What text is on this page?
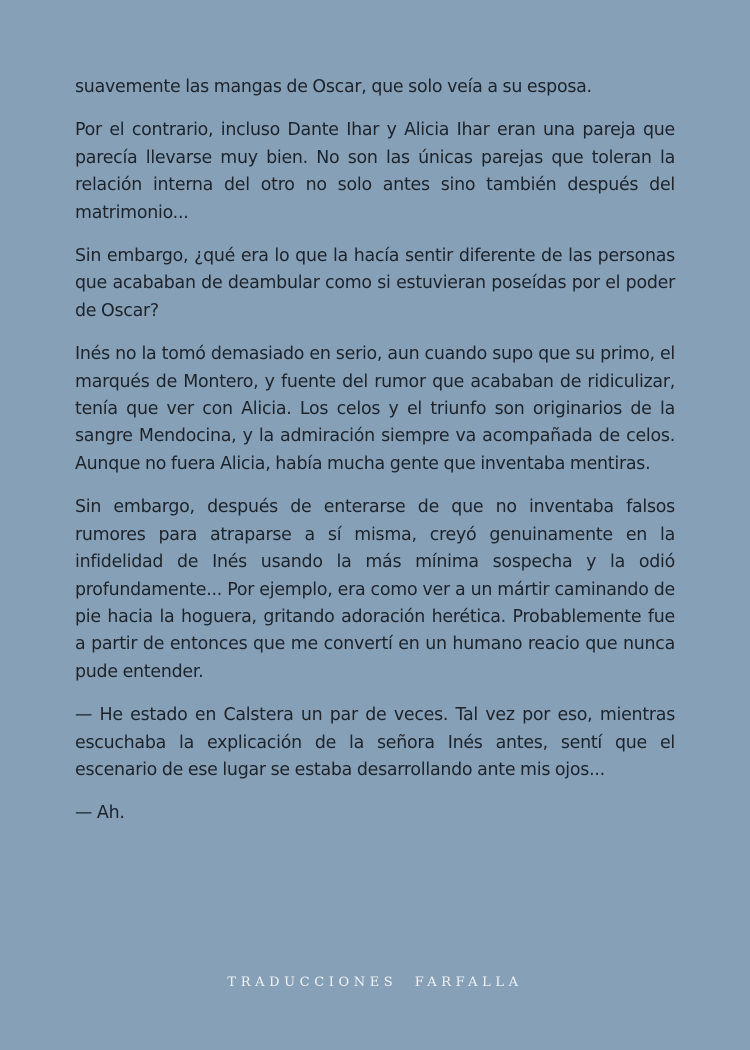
suavemente las mangas de Oscar, que solo veía a su esposa.

Por el contrario, incluso Dante Ihar y Alicia Ihar eran una pareja que parecía llevarse muy bien. No son las únicas parejas que toleran la relación interna del otro no solo antes sino también después del matrimonio...

Sin embargo, ¿qué era lo que la hacía sentir diferente de las personas que acababan de deambular como si estuvieran poseídas por el poder de Oscar?

Inés no la tomó demasiado en serio, aun cuando supo que su primo, el marqués de Montero, y fuente del rumor que acababan de ridiculizar, tenía que ver con Alicia. Los celos y el triunfo son originarios de la sangre Mendocina, y la admiración siempre va acompañada de celos. Aunque no fuera Alicia, había mucha gente que inventaba mentiras.

Sin embargo, después de enterarse de que no inventaba falsos rumores para atraparse a sí misma, creyó genuinamente en la infidelidad de Inés usando la más mínima sospecha y la odió profundamente... Por ejemplo, era como ver a un mártir caminando de pie hacia la hoguera, gritando adoración herética. Probablemente fue a partir de entonces que me convertí en un humano reacio que nunca pude entender.

— He estado en Calstera un par de veces. Tal vez por eso, mientras escuchaba la explicación de la señora Inés antes, sentí que el escenario de ese lugar se estaba desarrollando ante mis ojos...

— Ah.

TRADUCCIONES  FARFALLA
